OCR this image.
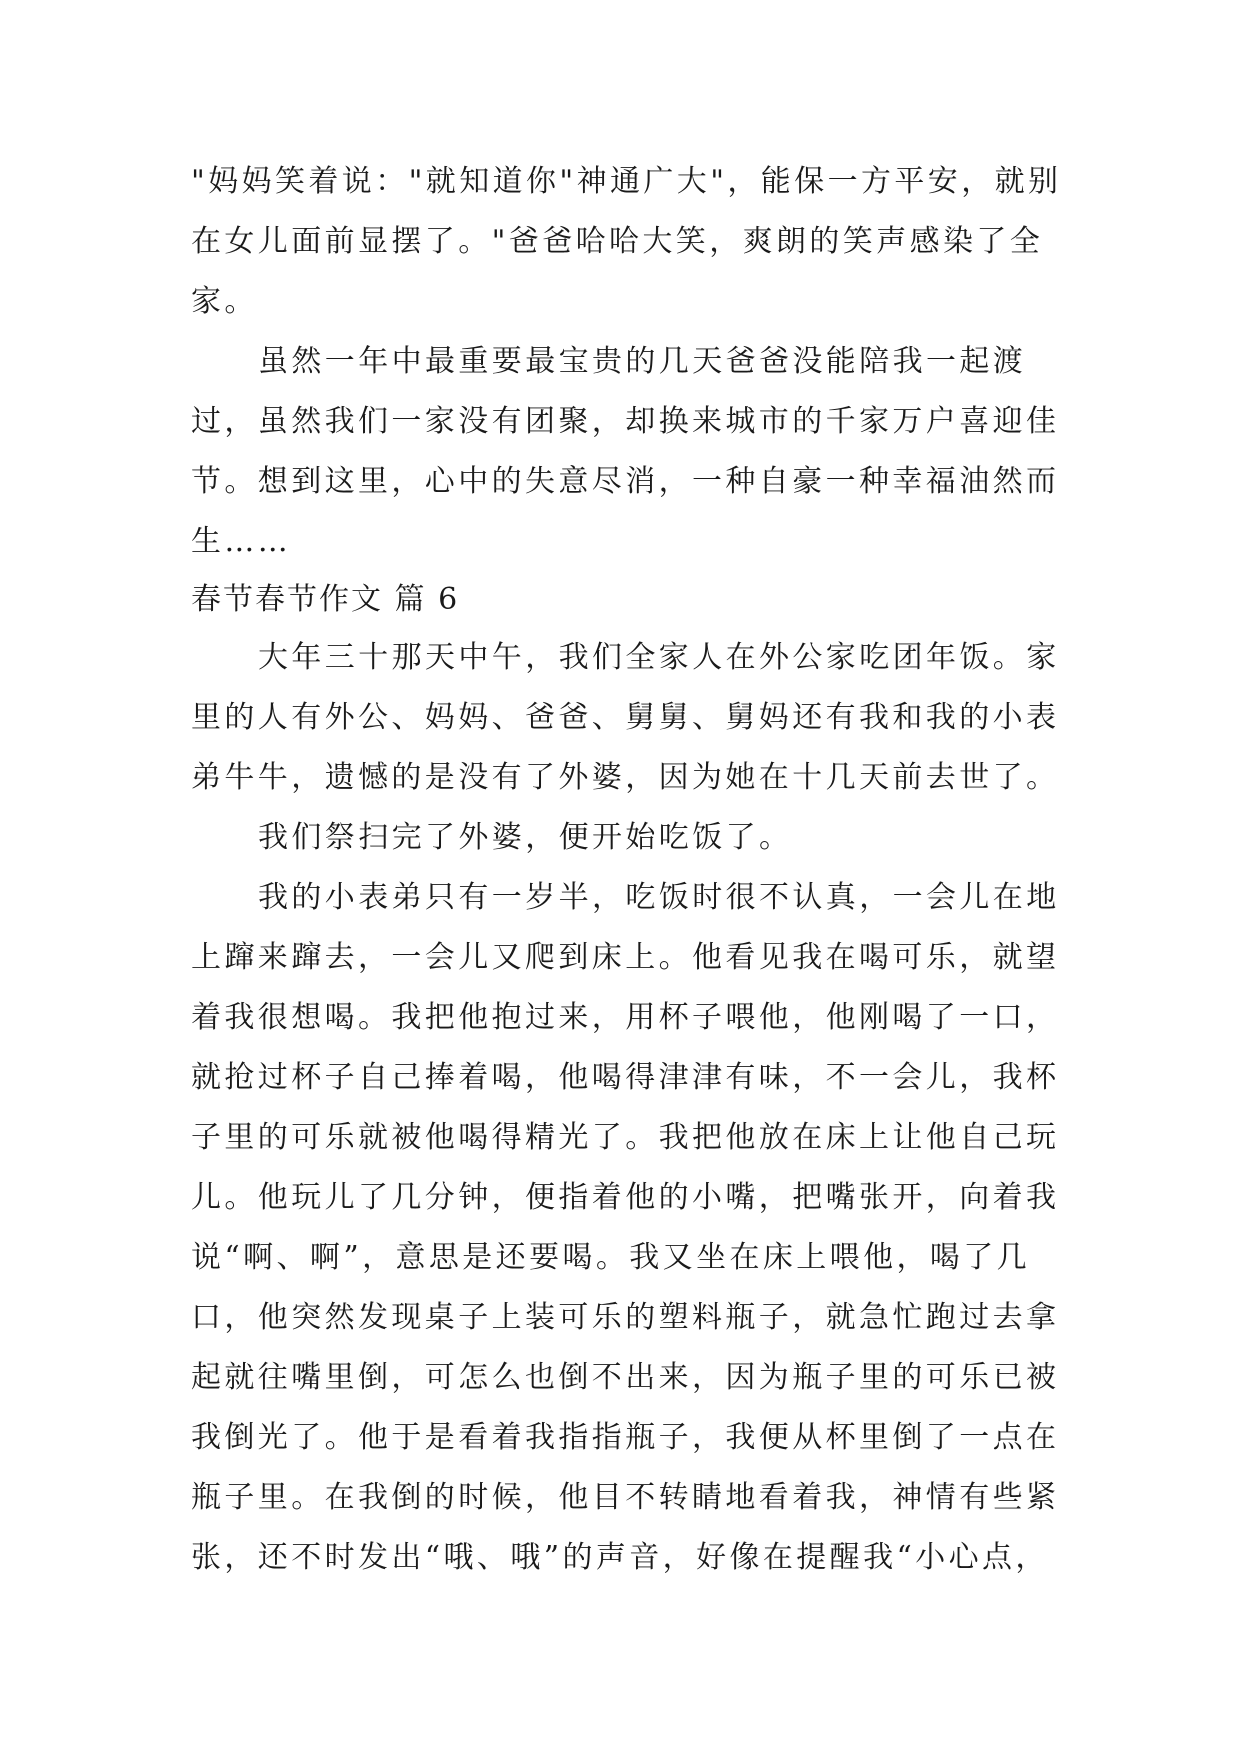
"妈妈笑着说："就知道你"神通广大"，能保一方平安，就别
在女儿面前显摆了。"爸爸哈哈大笑，爽朗的笑声感染了全
家。
虽然一年中最重要最宝贵的几天爸爸没能陪我一起渡
过，虽然我们一家没有团聚，却换来城市的千家万户喜迎佳
节。想到这里，心中的失意尽消，一种自豪一种幸福油然而
生……
春节春节作文 篇 6
大年三十那天中午，我们全家人在外公家吃团年饭。家
里的人有外公、妈妈、爸爸、舅舅、舅妈还有我和我的小表
弟牛牛，遗憾的是没有了外婆，因为她在十几天前去世了。
我们祭扫完了外婆，便开始吃饭了。
我的小表弟只有一岁半，吃饭时很不认真，一会儿在地
上蹿来蹿去，一会儿又爬到床上。他看见我在喝可乐，就望
着我很想喝。我把他抱过来，用杯子喂他，他刚喝了一口，
就抢过杯子自己捧着喝，他喝得津津有味，不一会儿，我杯
子里的可乐就被他喝得精光了。我把他放在床上让他自己玩
儿。他玩儿了几分钟，便指着他的小嘴，把嘴张开，向着我
说“啊、啊”，意思是还要喝。我又坐在床上喂他，喝了几
口，他突然发现桌子上装可乐的塑料瓶子，就急忙跑过去拿
起就往嘴里倒，可怎么也倒不出来，因为瓶子里的可乐已被
我倒光了。他于是看着我指指瓶子，我便从杯里倒了一点在
瓶子里。在我倒的时候，他目不转睛地看着我，神情有些紧
张，还不时发出“哦、哦”的声音，好像在提醒我“小心点，
